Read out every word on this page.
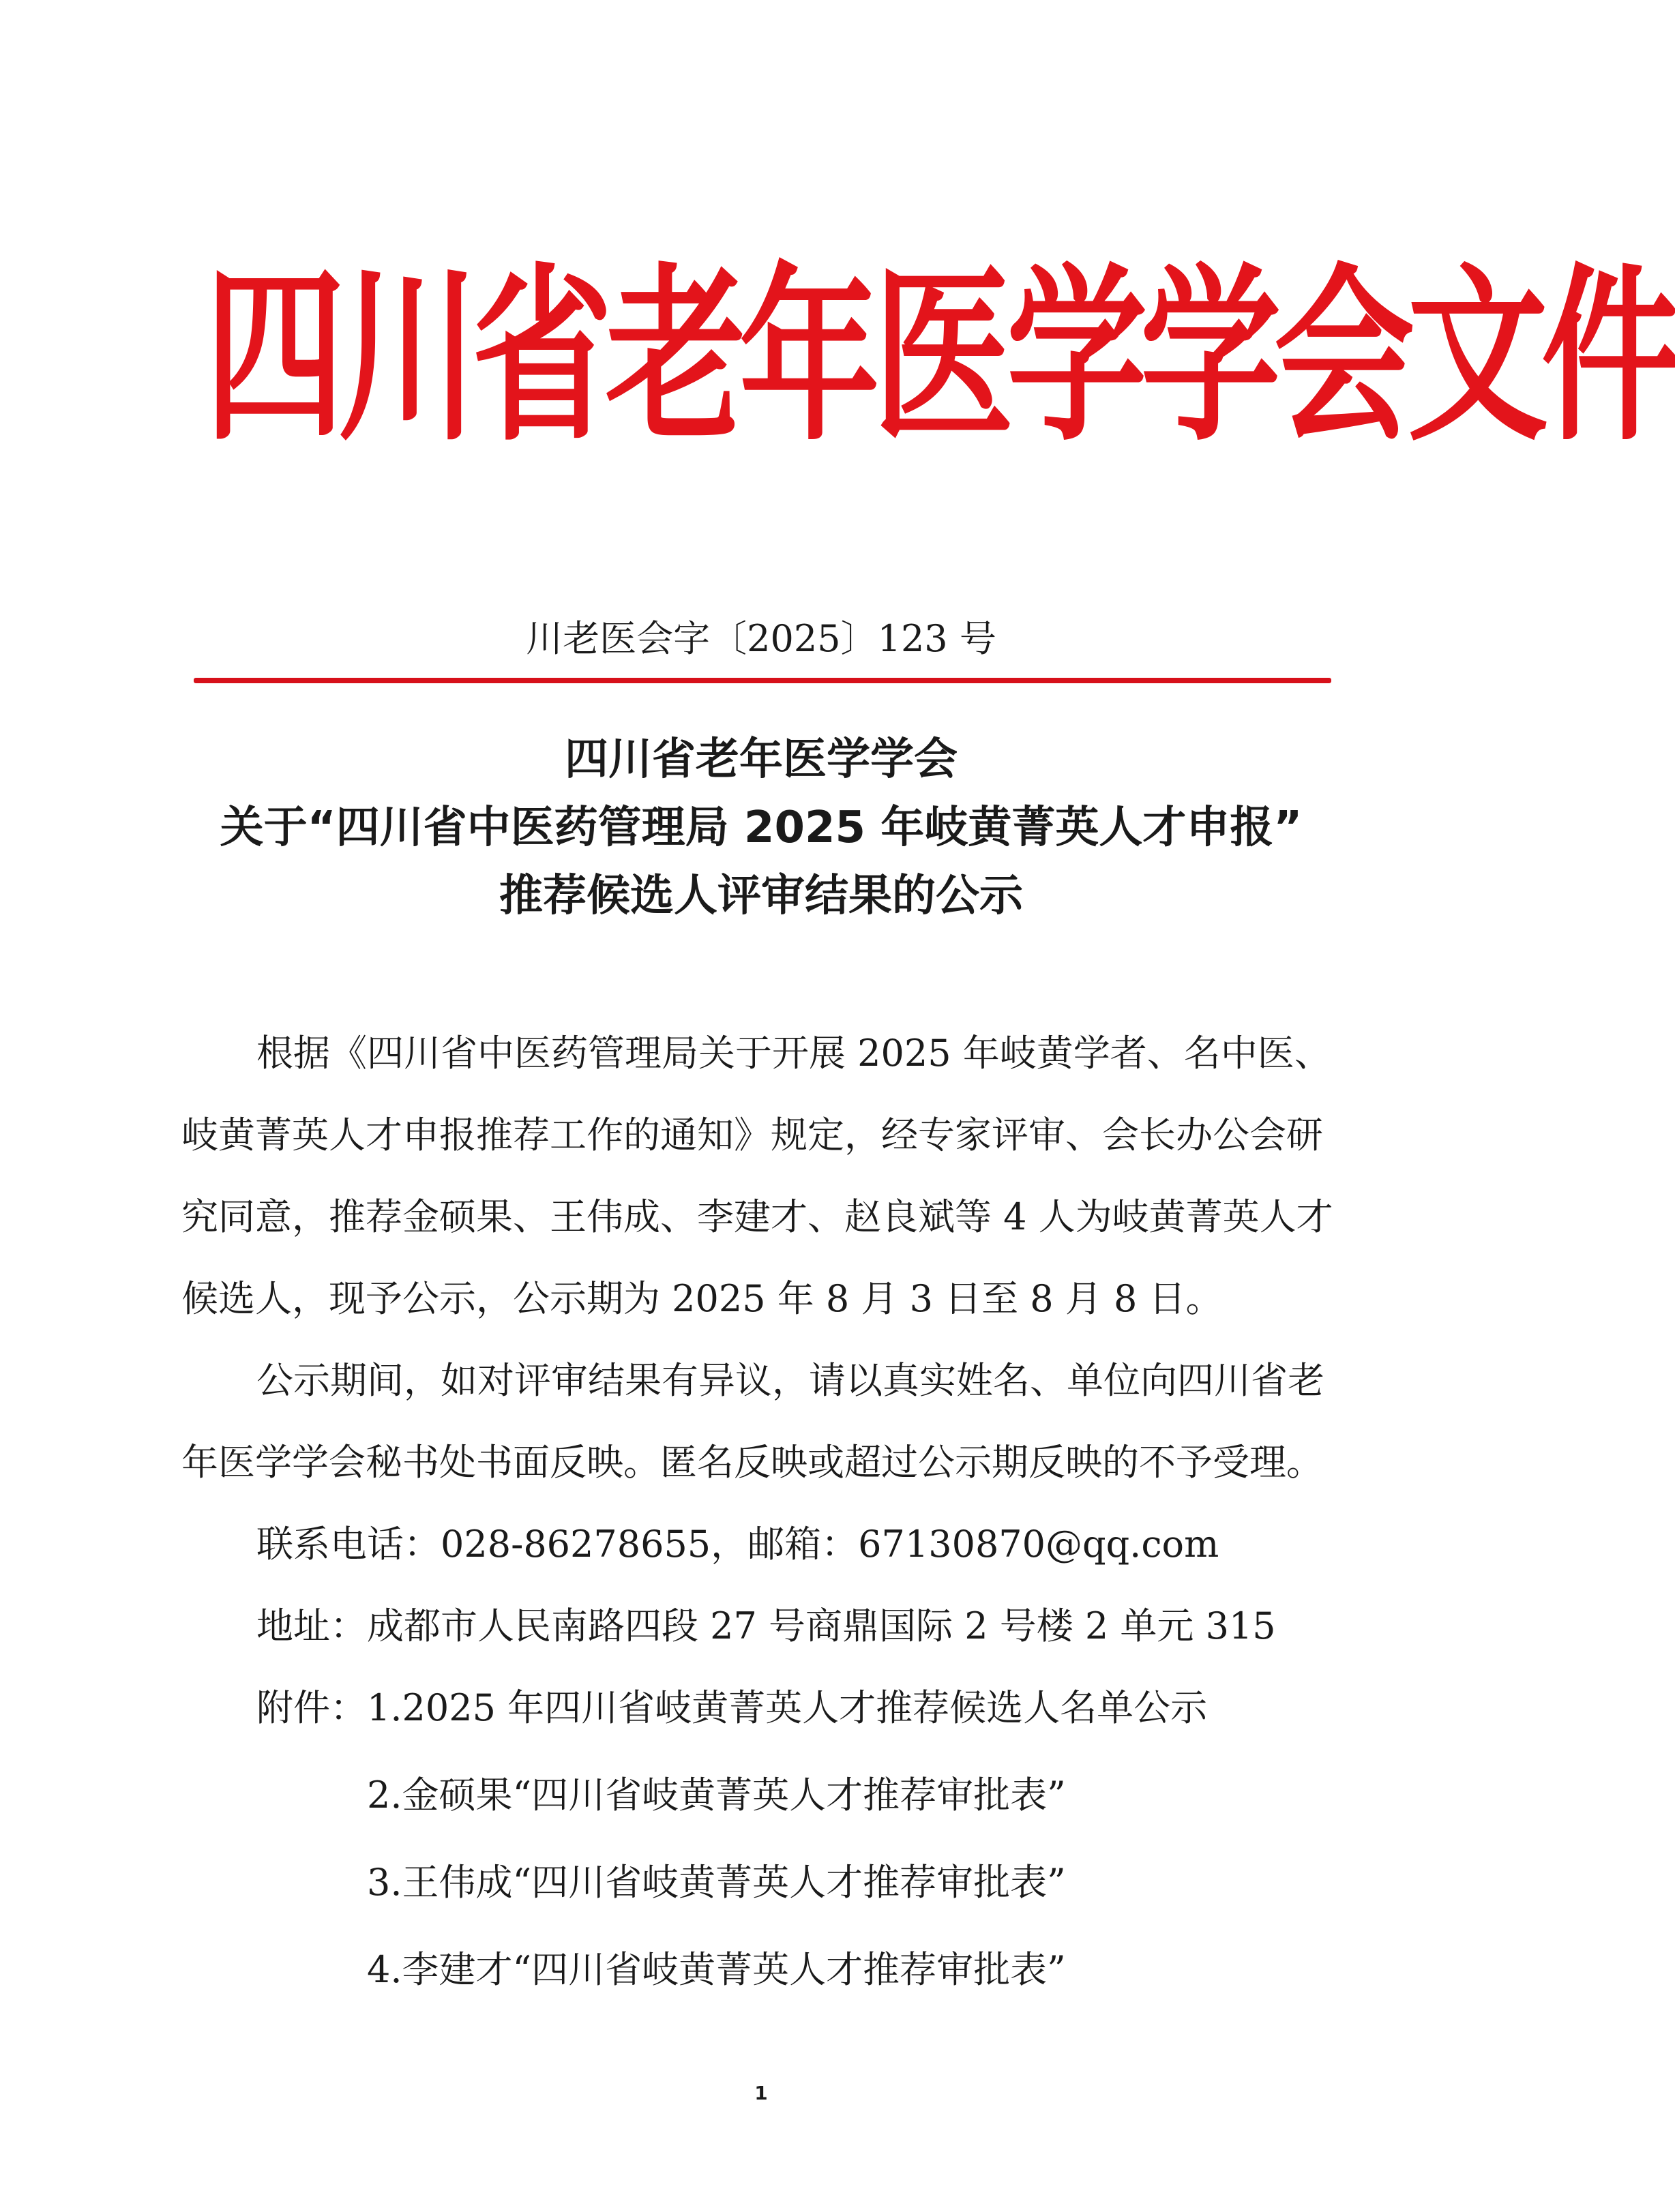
四川省老年医学学会文件
川老医会字〔2025〕123 号
四川省老年医学学会
关于“四川省中医药管理局 2025 年岐黄菁英人才申报”
推荐候选人评审结果的公示
根据《四川省中医药管理局关于开展 2025 年岐黄学者、名中医、
岐黄菁英人才申报推荐工作的通知》规定，经专家评审、会长办公会研
究同意，推荐金硕果、王伟成、李建才、赵良斌等 4 人为岐黄菁英人才
候选人，现予公示，公示期为 2025 年 8 月 3 日至 8 月 8 日。
公示期间，如对评审结果有异议，请以真实姓名、单位向四川省老
年医学学会秘书处书面反映。匿名反映或超过公示期反映的不予受理。
联系电话：028-86278655，邮箱：67130870@qq.com
地址：成都市人民南路四段 27 号商鼎国际 2 号楼 2 单元 315
附件：1.2025 年四川省岐黄菁英人才推荐候选人名单公示
2.金硕果“四川省岐黄菁英人才推荐审批表”
3.王伟成“四川省岐黄菁英人才推荐审批表”
4.李建才“四川省岐黄菁英人才推荐审批表”
1
